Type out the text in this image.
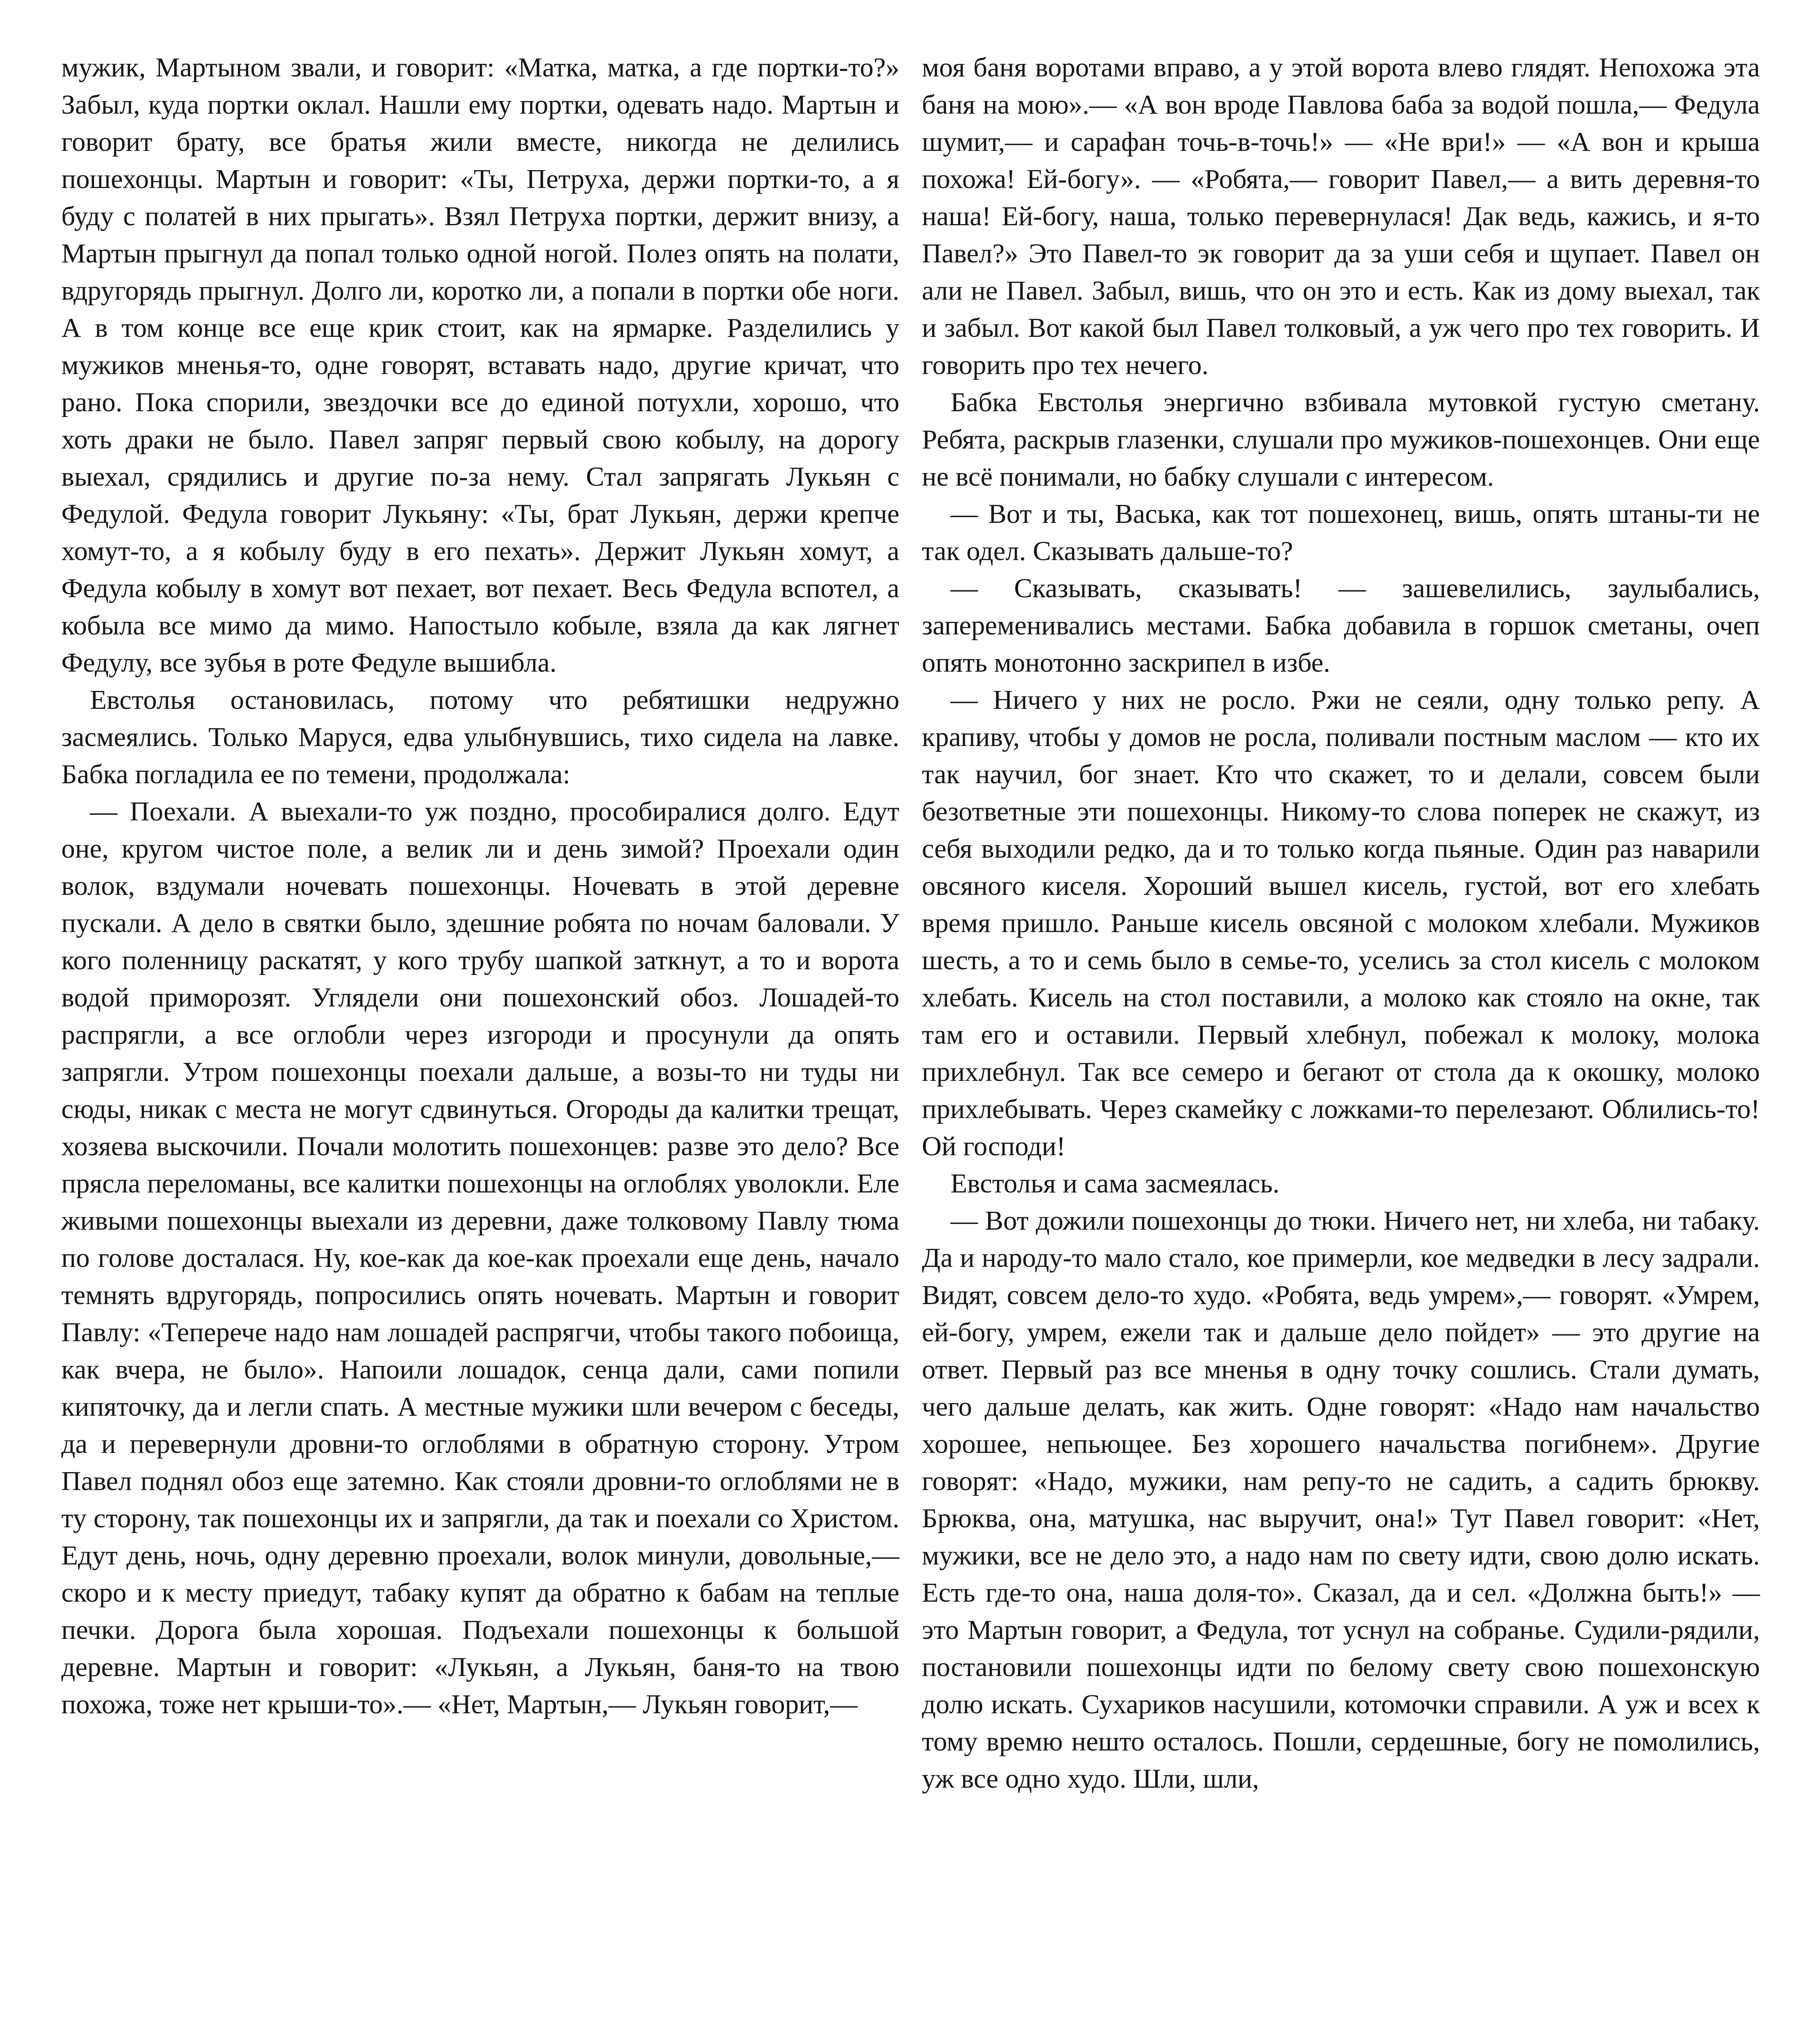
мужик, Мартыном звали, и говорит: «Матка, матка, а где портки-то?» Забыл, куда портки оклал. Нашли ему портки, одевать надо. Мартын и говорит брату, все братья жили вместе, никогда не делились пошехонцы. Мартын и говорит: «Ты, Петруха, держи портки-то, а я буду с полатей в них прыгать». Взял Петруха портки, держит внизу, а Мартын прыгнул да попал только одной ногой. Полез опять на полати, вдругорядь прыгнул. Долго ли, коротко ли, а попали в портки обе ноги. А в том конце все еще крик стоит, как на ярмарке. Разделились у мужиков мненья-то, одне говорят, вставать надо, другие кричат, что рано. Пока спорили, звездочки все до единой потухли, хорошо, что хоть драки не было. Павел запряг первый свою кобылу, на дорогу выехал, срядились и другие по-за нему. Стал запрягать Лукьян с Федулой. Федула говорит Лукьяну: «Ты, брат Лукьян, держи крепче хомут-то, а я кобылу буду в его пехать». Держит Лукьян хомут, а Федула кобылу в хомут вот пехает, вот пехает. Весь Федула вспотел, а кобыла все мимо да мимо. Напостыло кобыле, взяла да как лягнет Федулу, все зубья в роте Федуле вышибла.

Евстолья остановилась, потому что ребятишки недружно засмеялись. Только Маруся, едва улыбнувшись, тихо сидела на лавке. Бабка погладила ее по темени, продолжала:

— Поехали. А выехали-то уж поздно, прособиралися долго. Едут оне, кругом чистое поле, а велик ли и день зимой? Проехали один волок, вздумали ночевать пошехонцы. Ночевать в этой деревне пускали. А дело в святки было, здешние робята по ночам баловали. У кого поленницу раскатят, у кого трубу шапкой заткнут, а то и ворота водой приморозят. Углядели они пошехонский обоз. Лошадей-то распрягли, а все оглобли через изгороди и просунули да опять запрягли. Утром пошехонцы поехали дальше, а возы-то ни туды ни сюды, никак с места не могут сдвинуться. Огороды да калитки трещат, хозяева выскочили. Почали молотить пошехонцев: разве это дело? Все прясла переломаны, все калитки пошехонцы на оглоблях уволокли. Еле живыми пошехонцы выехали из деревни, даже толковому Павлу тюма по голове досталася. Ну, кое-как да кое-как проехали еще день, начало темнять вдругорядь, попросились опять ночевать. Мартын и говорит Павлу: «Теперече надо нам лошадей распрягчи, чтобы такого побоища, как вчера, не было». Напоили лошадок, сенца дали, сами попили кипяточку, да и легли спать. А местные мужики шли вечером с беседы, да и перевернули дровни-то оглоблями в обратную сторону. Утром Павел поднял обоз еще затемно. Как стояли дровни-то оглоблями не в ту сторону, так пошехонцы их и запрягли, да так и поехали со Христом. Едут день, ночь, одну деревню проехали, волок минули, довольные,— скоро и к месту приедут, табаку купят да обратно к бабам на теплые печки. Дорога была хорошая. Подъехали пошехонцы к большой деревне. Мартын и говорит: «Лукьян, а Лукьян, баня-то на твою похожа, тоже нет крыши-то».— «Нет, Мартын,— Лукьян говорит,—

моя баня воротами вправо, а у этой ворота влево глядят. Непохожа эта баня на мою».— «А вон вроде Павлова баба за водой пошла,— Федула шумит,— и сарафан точь-в-точь!» — «Не ври!» — «А вон и крыша похожа! Ей-богу». — «Робята,— говорит Павел,— а вить деревня-то наша! Ей-богу, наша, только перевернулася! Дак ведь, кажись, и я-то Павел?» Это Павел-то эк говорит да за уши себя и щупает. Павел он али не Павел. Забыл, вишь, что он это и есть. Как из дому выехал, так и забыл. Вот какой был Павел толковый, а уж чего про тех говорить. И говорить про тех нечего.

Бабка Евстолья энергично взбивала мутовкой густую сметану. Ребята, раскрыв глазенки, слушали про мужиков-пошехонцев. Они еще не всё понимали, но бабку слушали с интересом.

— Вот и ты, Васька, как тот пошехонец, вишь, опять штаны-ти не так одел. Сказывать дальше-то?

— Сказывать, сказывать! — зашевелились, заулыбались, запеременивались местами. Бабка добавила в горшок сметаны, очеп опять монотонно заскрипел в избе.

— Ничего у них не росло. Ржи не сеяли, одну только репу. А крапиву, чтобы у домов не росла, поливали постным маслом — кто их так научил, бог знает. Кто что скажет, то и делали, совсем были безответные эти пошехонцы. Никому-то слова поперек не скажут, из себя выходили редко, да и то только когда пьяные. Один раз наварили овсяного киселя. Хороший вышел кисель, густой, вот его хлебать время пришло. Раньше кисель овсяной с молоком хлебали. Мужиков шесть, а то и семь было в семье-то, уселись за стол кисель с молоком хлебать. Кисель на стол поставили, а молоко как стояло на окне, так там его и оставили. Первый хлебнул, побежал к молоку, молока прихлебнул. Так все семеро и бегают от стола да к окошку, молоко прихлебывать. Через скамейку с ложками-то перелезают. Облились-то! Ой господи!

Евстолья и сама засмеялась.

— Вот дожили пошехонцы до тюки. Ничего нет, ни хлеба, ни табаку. Да и народу-то мало стало, кое примерли, кое медведки в лесу задрали. Видят, совсем дело-то худо. «Робята, ведь умрем»,— говорят. «Умрем, ей-богу, умрем, ежели так и дальше дело пойдет» — это другие на ответ. Первый раз все мненья в одну точку сошлись. Стали думать, чего дальше делать, как жить. Одне говорят: «Надо нам начальство хорошее, непьющее. Без хорошего начальства погибнем». Другие говорят: «Надо, мужики, нам репу-то не садить, а садить брюкву. Брюква, она, матушка, нас выручит, она!» Тут Павел говорит: «Нет, мужики, все не дело это, а надо нам по свету идти, свою долю искать. Есть где-то она, наша доля-то». Сказал, да и сел. «Должна быть!» — это Мартын говорит, а Федула, тот уснул на собранье. Судили-рядили, постановили пошехонцы идти по белому свету свою пошехонскую долю искать. Сухариков насушили, котомочки справили. А уж и всех к тому времю нешто осталось. Пошли, сердешные, богу не помолились, уж все одно худо. Шли, шли,
